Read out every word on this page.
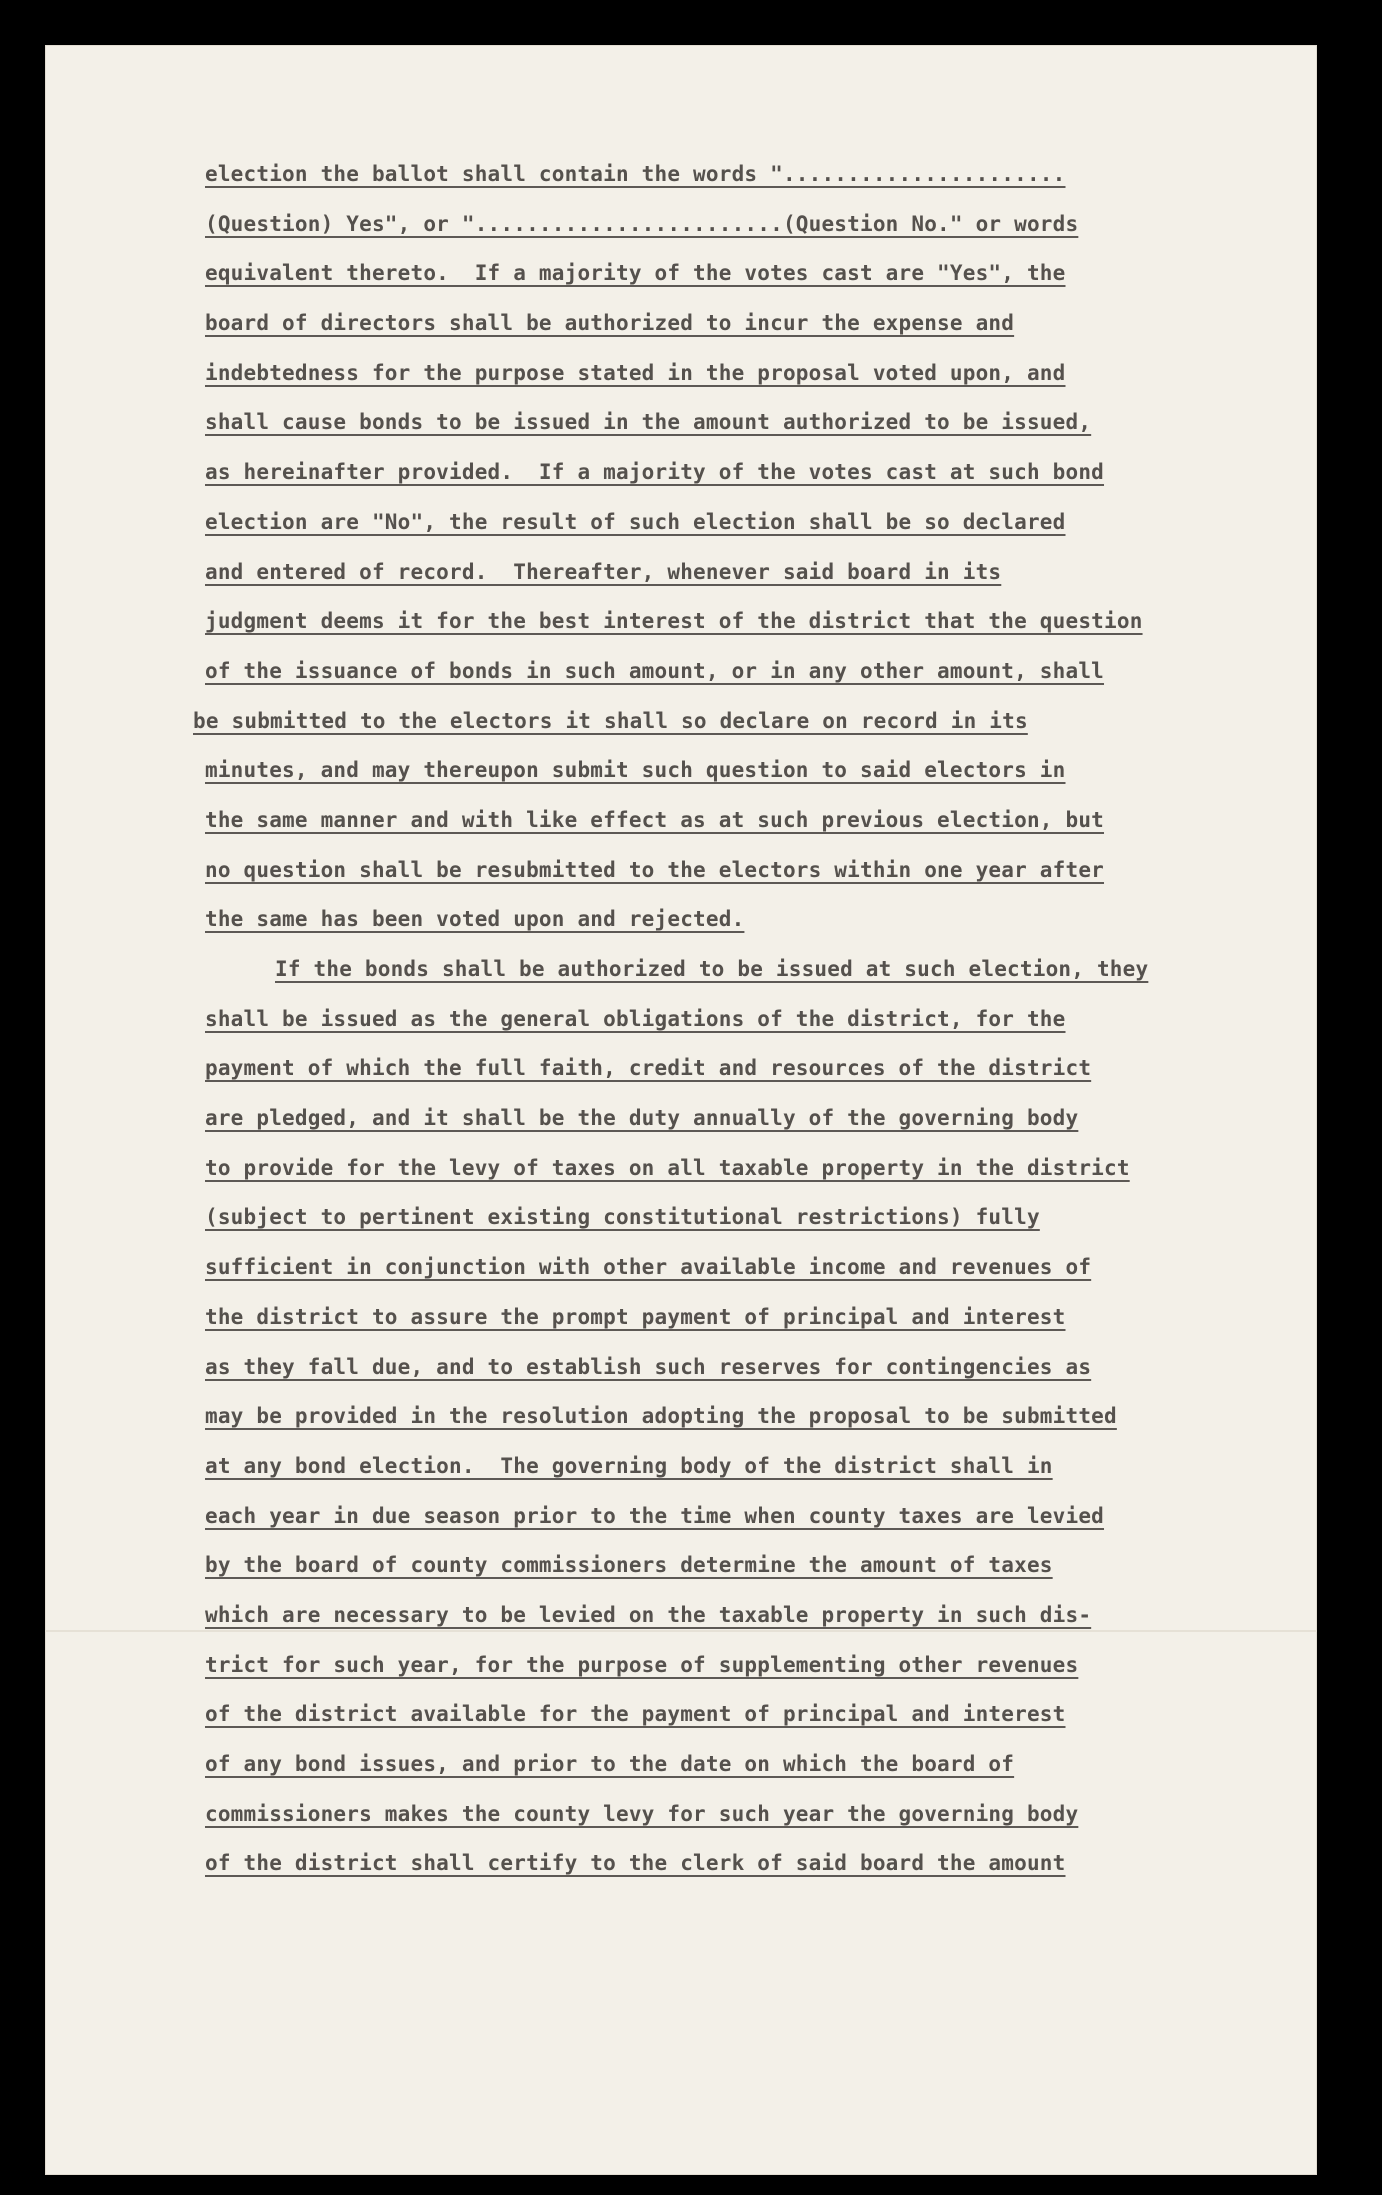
election the ballot shall contain the words "......................
(Question) Yes", or "........................(Question No." or words
equivalent thereto.  If a majority of the votes cast are "Yes", the
board of directors shall be authorized to incur the expense and
indebtedness for the purpose stated in the proposal voted upon, and
shall cause bonds to be issued in the amount authorized to be issued,
as hereinafter provided.  If a majority of the votes cast at such bond
election are "No", the result of such election shall be so declared
and entered of record.  Thereafter, whenever said board in its
judgment deems it for the best interest of the district that the question
of the issuance of bonds in such amount, or in any other amount, shall
be submitted to the electors it shall so declare on record in its
minutes, and may thereupon submit such question to said electors in
the same manner and with like effect as at such previous election, but
no question shall be resubmitted to the electors within one year after
the same has been voted upon and rejected.
If the bonds shall be authorized to be issued at such election, they
shall be issued as the general obligations of the district, for the
payment of which the full faith, credit and resources of the district
are pledged, and it shall be the duty annually of the governing body
to provide for the levy of taxes on all taxable property in the district
(subject to pertinent existing constitutional restrictions) fully
sufficient in conjunction with other available income and revenues of
the district to assure the prompt payment of principal and interest
as they fall due, and to establish such reserves for contingencies as
may be provided in the resolution adopting the proposal to be submitted
at any bond election.  The governing body of the district shall in
each year in due season prior to the time when county taxes are levied
by the board of county commissioners determine the amount of taxes
which are necessary to be levied on the taxable property in such dis-
trict for such year, for the purpose of supplementing other revenues
of the district available for the payment of principal and interest
of any bond issues, and prior to the date on which the board of
commissioners makes the county levy for such year the governing body
of the district shall certify to the clerk of said board the amount
